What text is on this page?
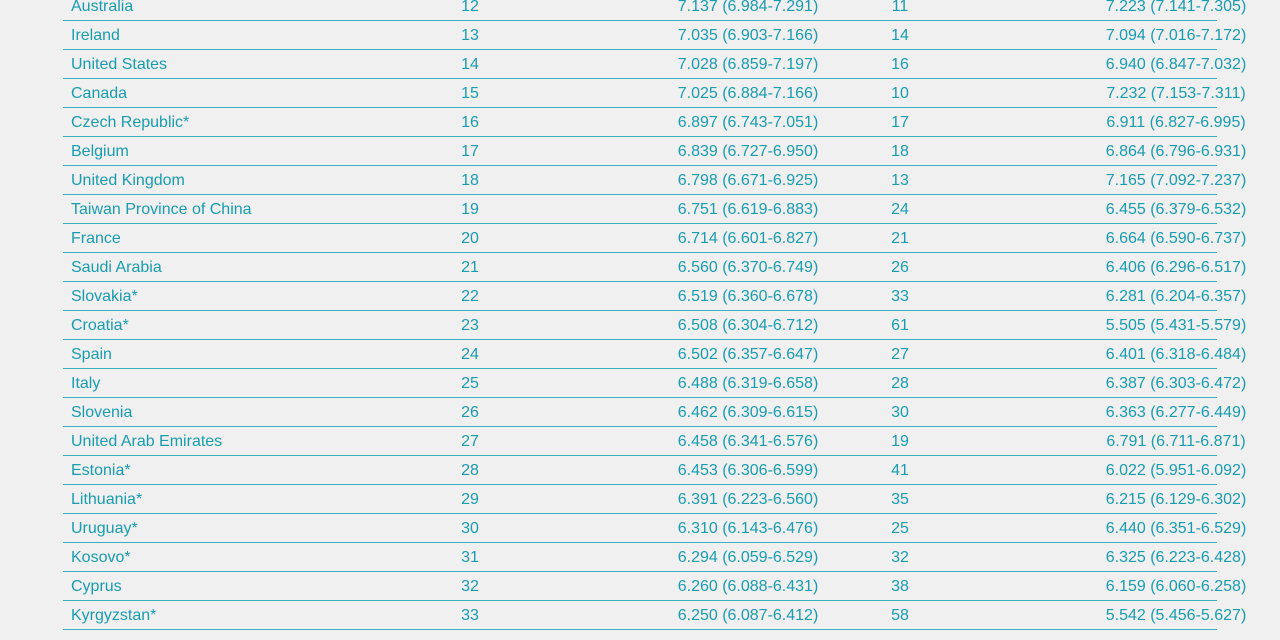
Australia	12	7.137 (6.984-7.291)	11	7.223 (7.141-7.305)
Ireland	13	7.035 (6.903-7.166)	14	7.094 (7.016-7.172)
United States	14	7.028 (6.859-7.197)	16	6.940 (6.847-7.032)
Canada	15	7.025 (6.884-7.166)	10	7.232 (7.153-7.311)
Czech Republic*	16	6.897 (6.743-7.051)	17	6.911 (6.827-6.995)
Belgium	17	6.839 (6.727-6.950)	18	6.864 (6.796-6.931)
United Kingdom	18	6.798 (6.671-6.925)	13	7.165 (7.092-7.237)
Taiwan Province of China	19	6.751 (6.619-6.883)	24	6.455 (6.379-6.532)
France	20	6.714 (6.601-6.827)	21	6.664 (6.590-6.737)
Saudi Arabia	21	6.560 (6.370-6.749)	26	6.406 (6.296-6.517)
Slovakia*	22	6.519 (6.360-6.678)	33	6.281 (6.204-6.357)
Croatia*	23	6.508 (6.304-6.712)	61	5.505 (5.431-5.579)
Spain	24	6.502 (6.357-6.647)	27	6.401 (6.318-6.484)
Italy	25	6.488 (6.319-6.658)	28	6.387 (6.303-6.472)
Slovenia	26	6.462 (6.309-6.615)	30	6.363 (6.277-6.449)
United Arab Emirates	27	6.458 (6.341-6.576)	19	6.791 (6.711-6.871)
Estonia*	28	6.453 (6.306-6.599)	41	6.022 (5.951-6.092)
Lithuania*	29	6.391 (6.223-6.560)	35	6.215 (6.129-6.302)
Uruguay*	30	6.310 (6.143-6.476)	25	6.440 (6.351-6.529)
Kosovo*	31	6.294 (6.059-6.529)	32	6.325 (6.223-6.428)
Cyprus	32	6.260 (6.088-6.431)	38	6.159 (6.060-6.258)
Kyrgyzstan*	33	6.250 (6.087-6.412)	58	5.542 (5.456-5.627)
